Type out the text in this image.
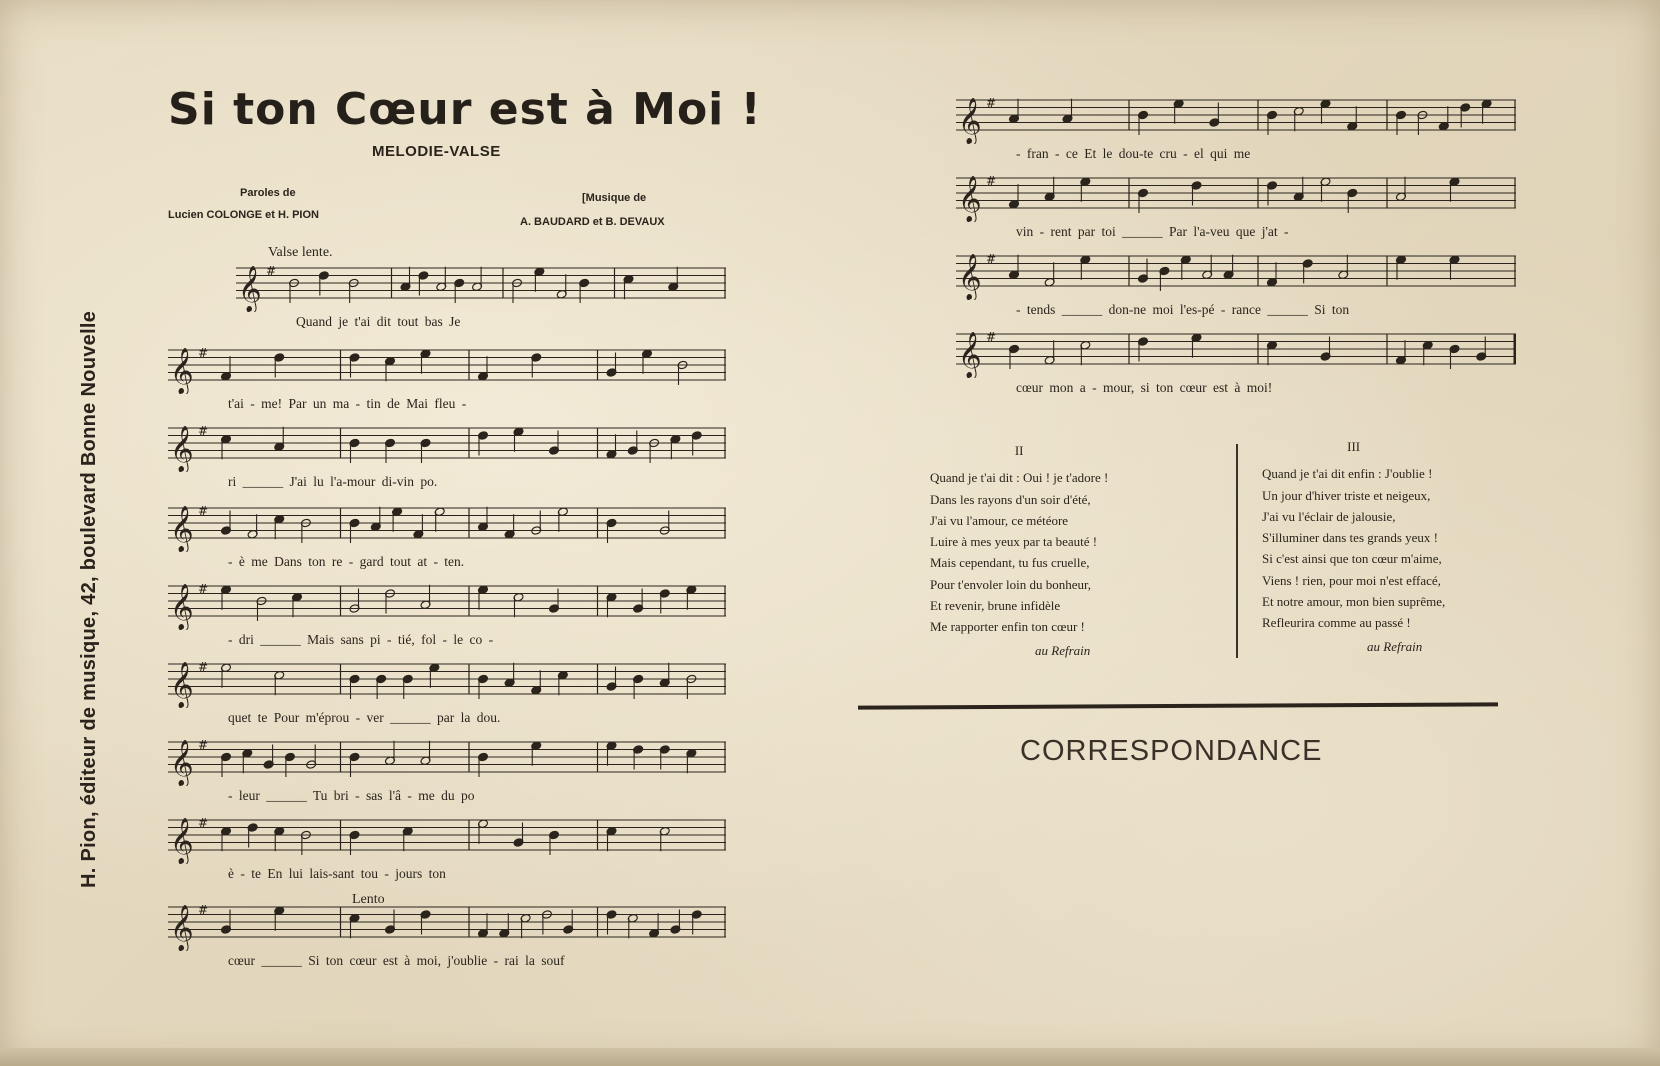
Si ton Cœur est à Moi !
MELODIE-VALSE
Paroles de
Lucien COLONGE et H. PION
[Musique de
A. BAUDARD et B. DEVAUX
Valse lente.
Lento
H. Pion, éditeur de musique, 42, boulevard Bonne Nouvelle
𝄞 #
Quand je t'ai dit tout bas Je
𝄞 #
t'ai - me! Par un ma - tin de Mai fleu -
𝄞 #
ri ______ J'ai lu l'a-mour di-vin po.
𝄞 #
- è me Dans ton re - gard tout at - ten.
𝄞 #
- dri ______ Mais sans pi - tié, fol - le co -
𝄞 #
quet te Pour m'éprou - ver ______ par la dou.
𝄞 #
- leur ______ Tu bri - sas l'â - me du po
𝄞 #
è - te En lui lais-sant tou - jours ton
𝄞 #
cœur ______ Si ton cœur est à moi, j'oublie - rai la souf
𝄞 #
- fran - ce Et le dou-te cru - el qui me
𝄞 #
vin - rent par toi ______ Par l'a-veu que j'at -
𝄞 #
- tends ______ don-ne moi l'es-pé - rance ______ Si ton
𝄞 #
cœur mon a - mour, si ton cœur est à moi!
II
Quand je t'ai dit : Oui ! je t'adore !
Dans les rayons d'un soir d'été,
J'ai vu l'amour, ce météore
Luire à mes yeux par ta beauté !
Mais cependant, tu fus cruelle,
Pour t'envoler loin du bonheur,
Et revenir, brune infidèle
Me rapporter enfin ton cœur !
au Refrain
III
Quand je t'ai dit enfin : J'oublie !
Un jour d'hiver triste et neigeux,
J'ai vu l'éclair de jalousie,
S'illuminer dans tes grands yeux !
Si c'est ainsi que ton cœur m'aime,
Viens ! rien, pour moi n'est effacé,
Et notre amour, mon bien suprême,
Refleurira comme au passé !
au Refrain
CORRESPONDANCE
